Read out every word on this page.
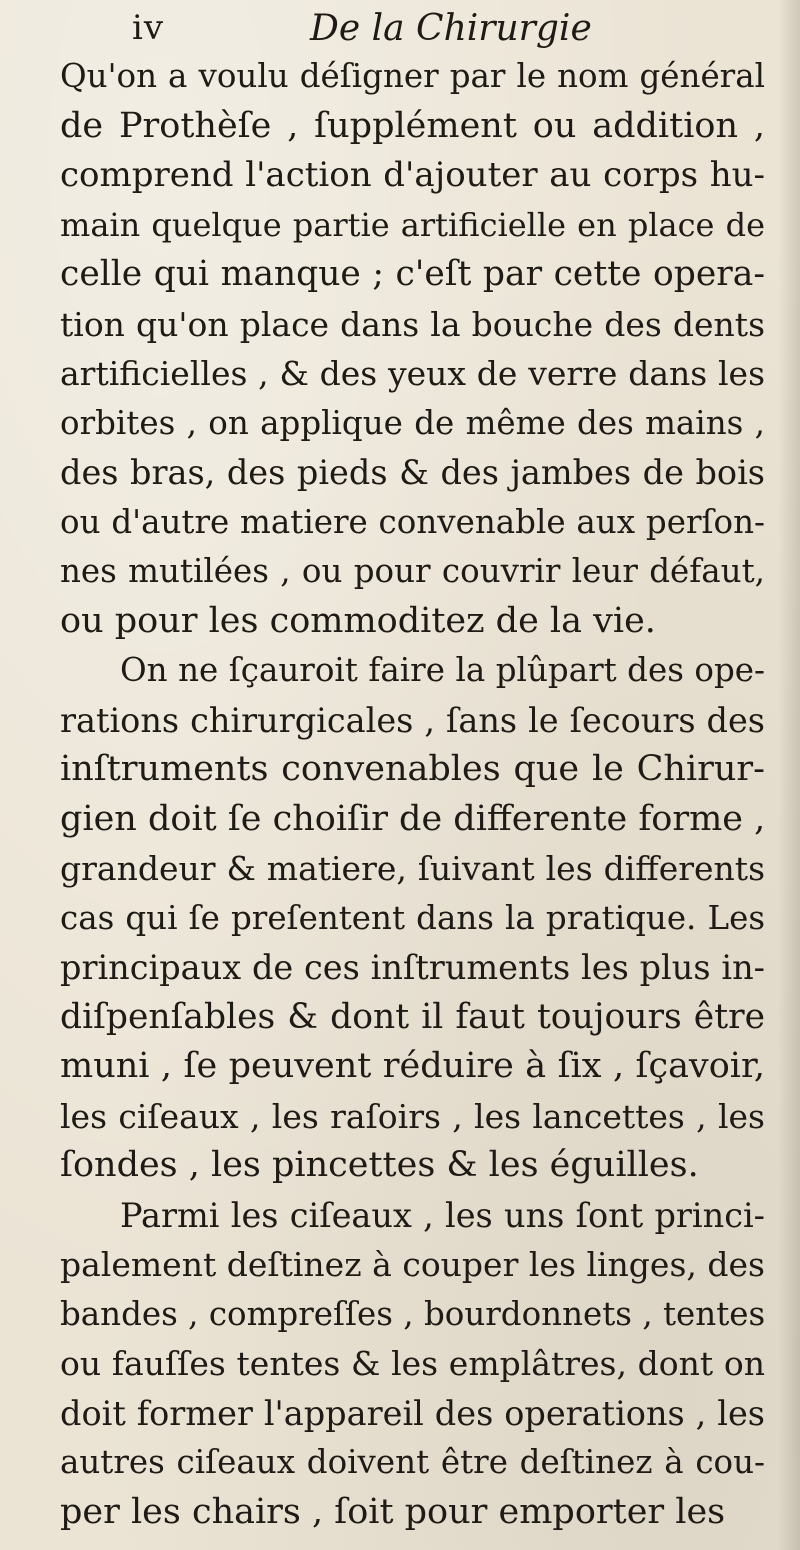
iv	De la Chirurgie
Qu'on a voulu déſigner par le nom général
de Prothèſe , ſupplément ou addition ,
comprend l'action d'ajouter au corps hu-
main quelque partie artificielle en place de
celle qui manque ; c'eſt par cette opera-
tion qu'on place dans la bouche des dents
artificielles , & des yeux de verre dans les
orbites , on applique de même des mains ,
des bras, des pieds & des jambes de bois
ou d'autre matiere convenable aux perſon-
nes mutilées , ou pour couvrir leur défaut,
ou pour les commoditez de la vie.
On ne ſçauroit faire la plûpart des ope-
rations chirurgicales , ſans le ſecours des
inſtruments convenables que le Chirur-
gien doit ſe choiſir de differente forme ,
grandeur & matiere, ſuivant les differents
cas qui ſe preſentent dans la pratique. Les
principaux de ces inſtruments les plus in-
diſpenſables & dont il faut toujours être
muni , ſe peuvent réduire à ſix , ſçavoir,
les ciſeaux , les raſoirs , les lancettes , les
ſondes , les pincettes & les éguilles.
Parmi les ciſeaux , les uns ſont princi-
palement deſtinez à couper les linges, des
bandes , compreſſes , bourdonnets , tentes
ou fauſſes tentes & les emplâtres, dont on
doit former l'appareil des operations , les
autres ciſeaux doivent être deſtinez à cou-
per les chairs , ſoit pour emporter les
